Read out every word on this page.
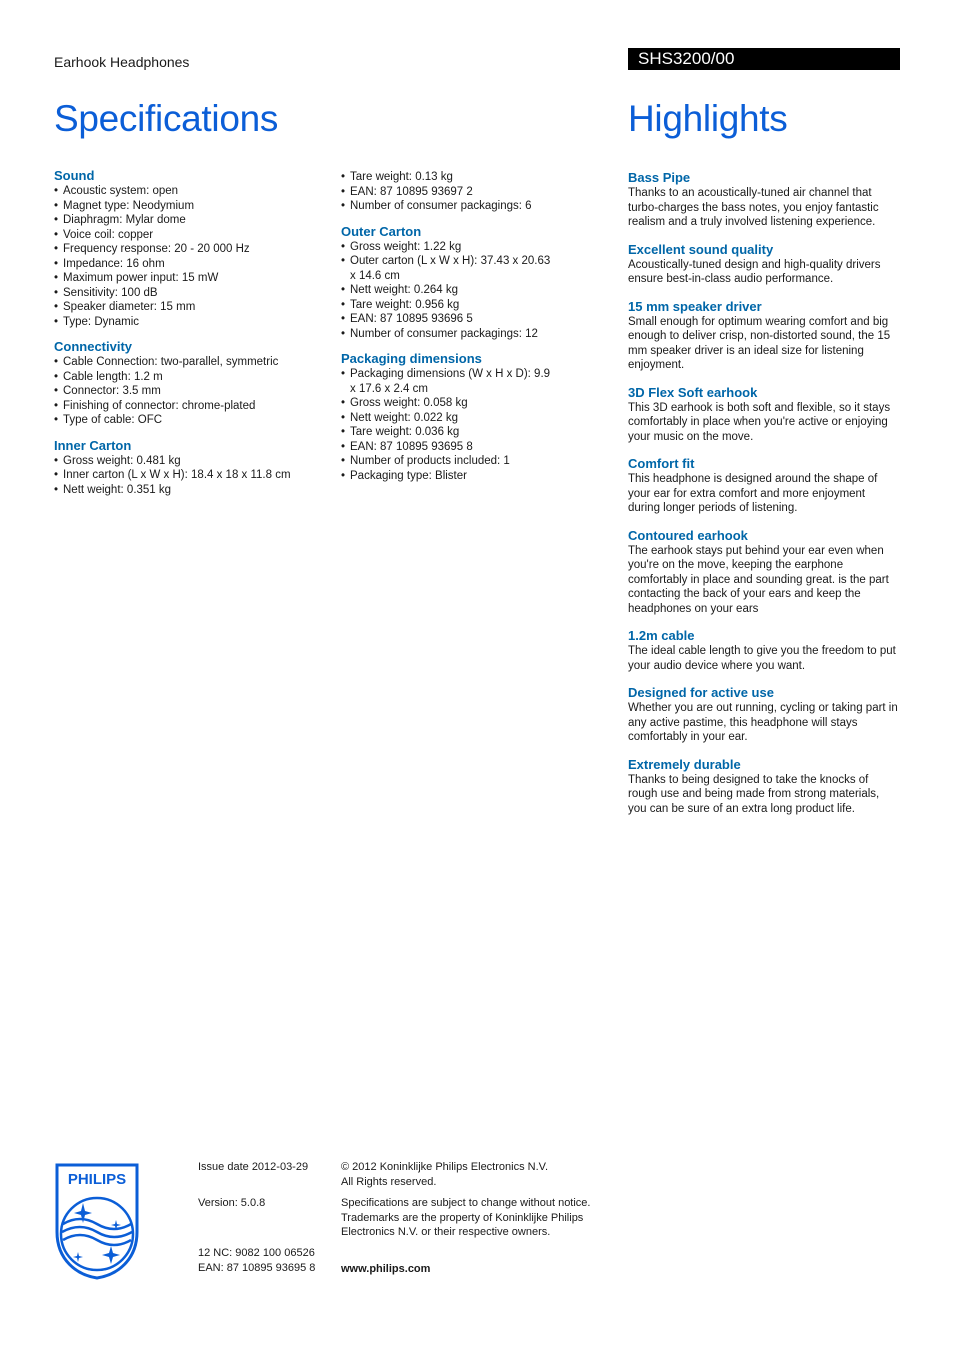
Earhook Headphones	SHS3200/00
Specifications	Highlights
Sound
• Acoustic system: open
• Magnet type: Neodymium
• Diaphragm: Mylar dome
• Voice coil: copper
• Frequency response: 20 - 20 000 Hz
• Impedance: 16 ohm
• Maximum power input: 15 mW
• Sensitivity: 100 dB
• Speaker diameter: 15 mm
• Type: Dynamic
Connectivity
• Cable Connection: two-parallel, symmetric
• Cable length: 1.2 m
• Connector: 3.5 mm
• Finishing of connector: chrome-plated
• Type of cable: OFC
Inner Carton
• Gross weight: 0.481 kg
• Inner carton (L x W x H): 18.4 x 18 x 11.8 cm
• Nett weight: 0.351 kg
• Tare weight: 0.13 kg
• EAN: 87 10895 93697 2
• Number of consumer packagings: 6
Outer Carton
• Gross weight: 1.22 kg
• Outer carton (L x W x H): 37.43 x 20.63 x 14.6 cm
• Nett weight: 0.264 kg
• Tare weight: 0.956 kg
• EAN: 87 10895 93696 5
• Number of consumer packagings: 12
Packaging dimensions
• Packaging dimensions (W x H x D): 9.9 x 17.6 x 2.4 cm
• Gross weight: 0.058 kg
• Nett weight: 0.022 kg
• Tare weight: 0.036 kg
• EAN: 87 10895 93695 8
• Number of products included: 1
• Packaging type: Blister
Bass Pipe

Thanks to an acoustically-tuned air channel that turbo-charges the bass notes, you enjoy fantastic realism and a truly involved listening experience.

Excellent sound quality

Acoustically-tuned design and high-quality drivers ensure best-in-class audio performance.

15 mm speaker driver

Small enough for optimum wearing comfort and big enough to deliver crisp, non-distorted sound, the 15 mm speaker driver is an ideal size for listening enjoyment.

3D Flex Soft earhook

This 3D earhook is both soft and flexible, so it stays comfortably in place when you're active or enjoying your music on the move.

Comfort fit

This headphone is designed around the shape of your ear for extra comfort and more enjoyment during longer periods of listening.

Contoured earhook

The earhook stays put behind your ear even when you're on the move, keeping the earphone comfortably in place and sounding great. is the part contacting the back of your ears and keep the headphones on your ears

1.2m cable

The ideal cable length to give you the freedom to put your audio device where you want.

Designed for active use

Whether you are out running, cycling or taking part in any active pastime, this headphone will stays comfortably in your ear.

Extremely durable

Thanks to being designed to take the knocks of rough use and being made from strong materials, you can be sure of an extra long product life.

PHILIPS

Issue date 2012-03-29

Version: 5.0.8

12 NC: 9082 100 06526

EAN: 87 10895 93695 8

© 2012 Koninklijke Philips Electronics N.V.

All Rights reserved.

Specifications are subject to change without notice. Trademarks are the property of Koninklijke Philips Electronics N.V. or their respective owners.

www.philips.com
